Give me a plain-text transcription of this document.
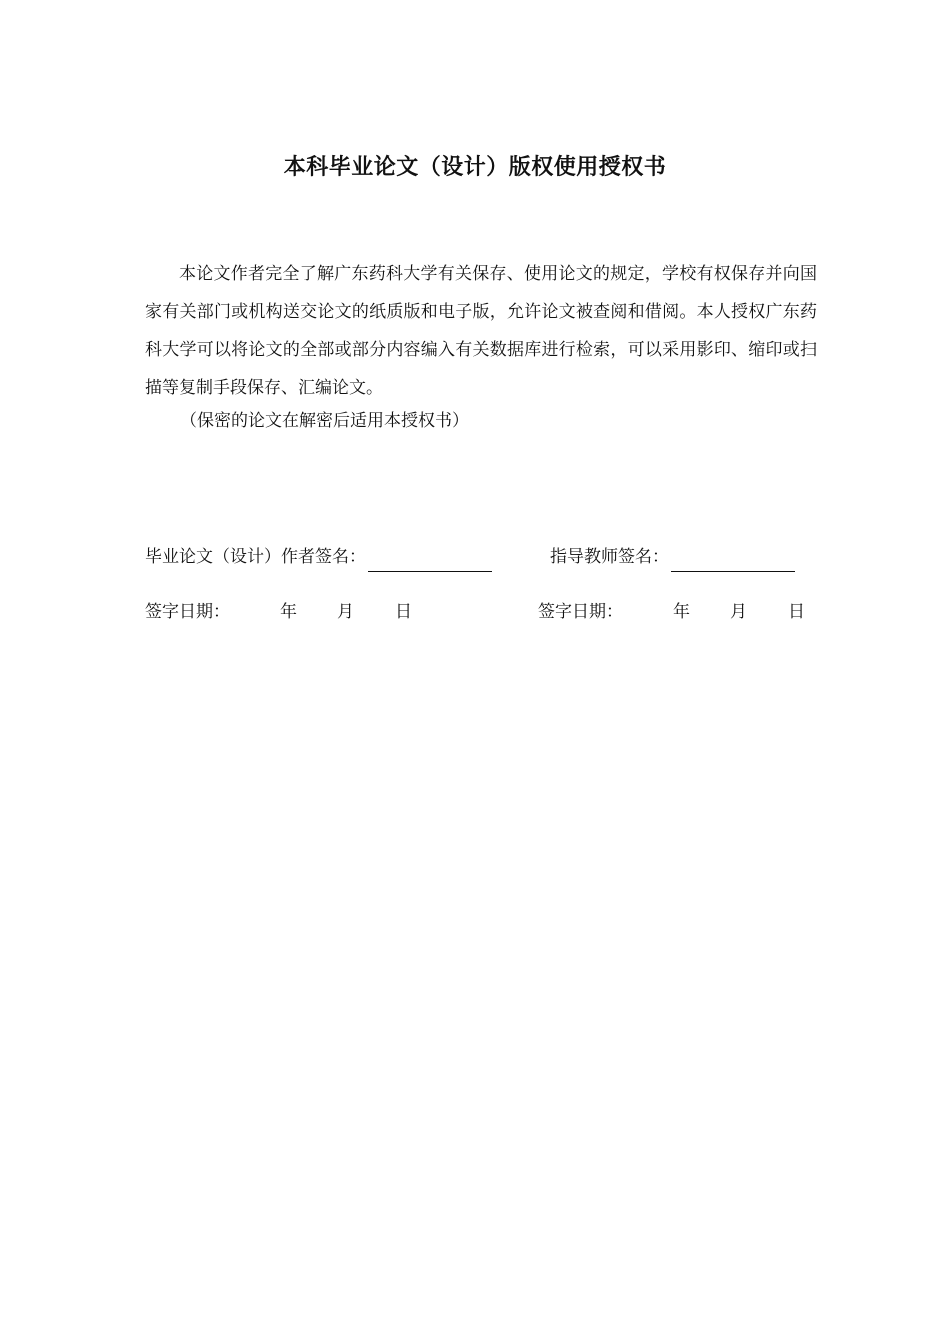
本科毕业论文（设计）版权使用授权书

本论文作者完全了解广东药科大学有关保存、使用论文的规定，学校有权保存并向国家有关部门或机构送交论文的纸质版和电子版，允许论文被查阅和借阅。本人授权广东药科大学可以将论文的全部或部分内容编入有关数据库进行检索，可以采用影印、缩印或扫描等复制手段保存、汇编论文。

（保密的论文在解密后适用本授权书）
毕业论文（设计）作者签名：	指导教师签名：
签字日期：	年 月 日	签字日期：	年 月 日
